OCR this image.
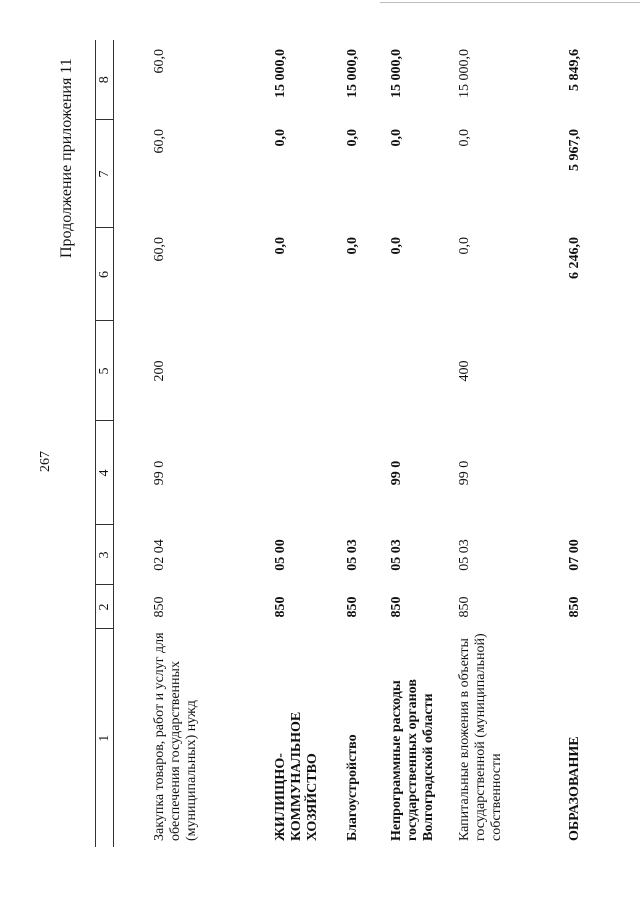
267
Продолжение приложения 11
1	2	3	4	5	6	7	8
Закупка товаров, работ и услуг для обеспечения государственных (муниципальных) нужд	850	02 04	99 0	200	60,0	60,0	60,0
ЖИЛИЩНО-КОММУНАЛЬНОЕ ХОЗЯЙСТВО	850	05 00			0,0	0,0	15 000,0
Благоустройство	850	05 03			0,0	0,0	15 000,0
Непрограммные расходы государственных органов Волгоградской области	850	05 03	99 0		0,0	0,0	15 000,0
Капитальные вложения в объекты государственной (муниципальной) собственности	850	05 03	99 0	400	0,0	0,0	15 000,0
ОБРАЗОВАНИЕ	850	07 00			6 246,0	5 967,0	5 849,6
